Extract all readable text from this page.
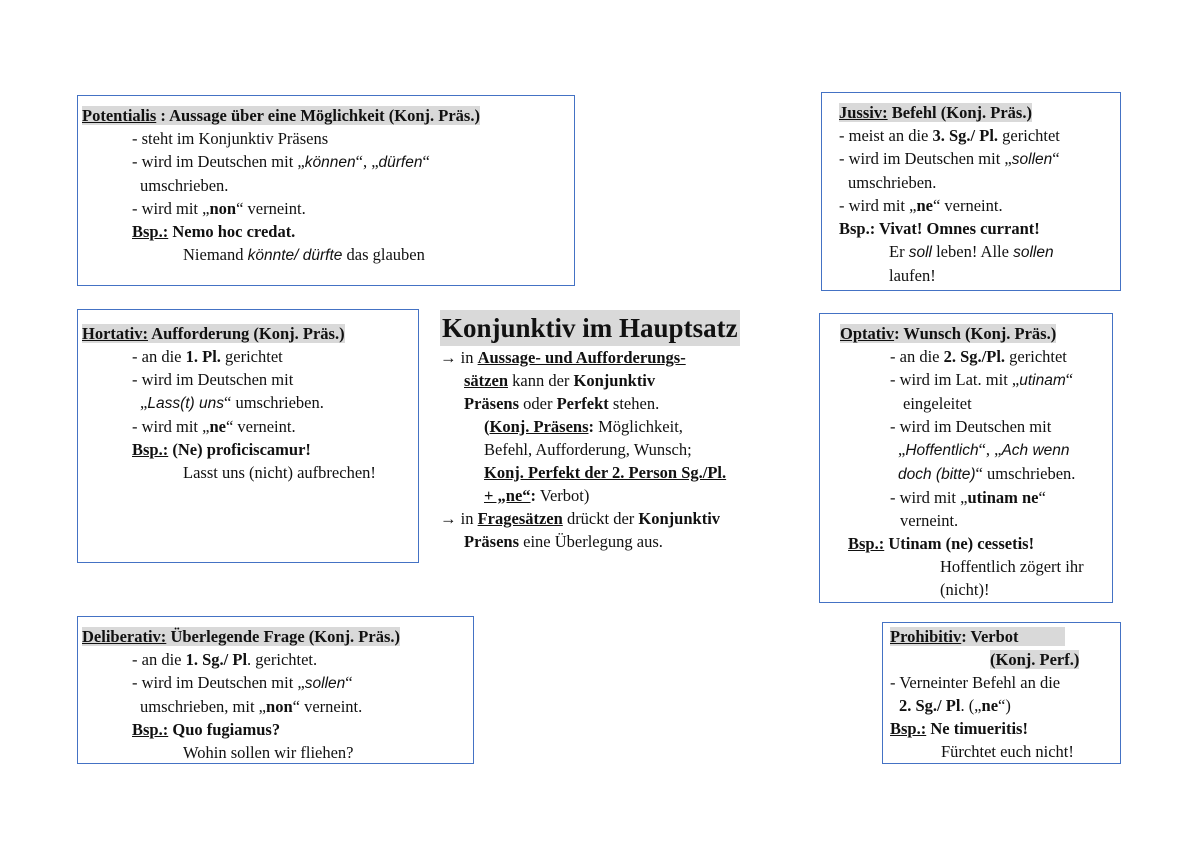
Potentialis : Aussage über eine Möglichkeit (Konj. Präs.)
- steht im Konjunktiv Präsens
- wird im Deutschen mit „können“, „dürfen“
umschrieben.
- wird mit „non“ verneint.
Bsp.: Nemo hoc credat.
Niemand könnte/ dürfte das glauben
Jussiv: Befehl (Konj. Präs.)
- meist an die 3. Sg./ Pl. gerichtet
- wird im Deutschen mit „sollen“
umschrieben.
- wird mit „ne“ verneint.
Bsp.: Vivat! Omnes currant!
Er soll leben! Alle sollen
laufen!
Hortativ: Aufforderung (Konj. Präs.)
- an die 1. Pl. gerichtet
- wird im Deutschen mit
„Lass(t) uns“ umschrieben.
- wird mit „ne“ verneint.
Bsp.: (Ne) proficiscamur!
Lasst uns (nicht) aufbrechen!
Konjunktiv im Hauptsatz
→ in Aussage- und Aufforderungs-
sätzen kann der Konjunktiv
Präsens oder Perfekt stehen.
(Konj. Präsens: Möglichkeit,
Befehl, Aufforderung, Wunsch;
Konj. Perfekt der 2. Person Sg./Pl.
+ „ne“: Verbot)
→ in Fragesätzen drückt der Konjunktiv
Präsens eine Überlegung aus.
Optativ: Wunsch (Konj. Präs.)
- an die 2. Sg./Pl. gerichtet
- wird im Lat. mit „utinam“
eingeleitet
- wird im Deutschen mit
„Hoffentlich“, „Ach wenn
doch (bitte)“ umschrieben.
- wird mit „utinam ne“
verneint.
Bsp.: Utinam (ne) cessetis!
Hoffentlich zögert ihr
(nicht)!
Deliberativ: Überlegende Frage (Konj. Präs.)
- an die 1. Sg./ Pl. gerichtet.
- wird im Deutschen mit „sollen“
umschrieben, mit „non“ verneint.
Bsp.: Quo fugiamus?
Wohin sollen wir fliehen?
Prohibitiv: Verbot
(Konj. Perf.)
- Verneinter Befehl an die
2. Sg./ Pl. („ne“)
Bsp.: Ne timueritis!
Fürchtet euch nicht!
